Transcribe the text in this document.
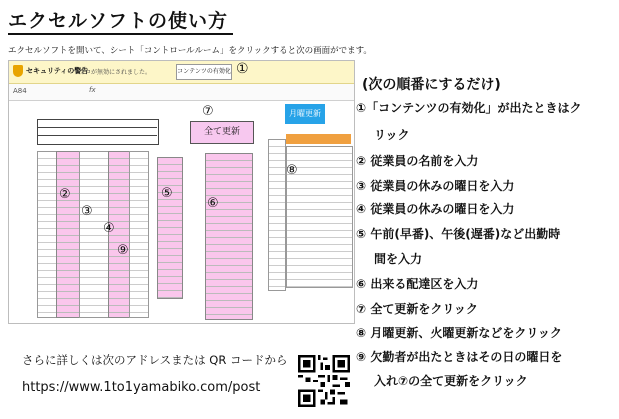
エクセルソフトの使い方
エクセルソフトを開いて、シート「コントロールルーム」をクリックすると次の画面がでます。
セキュリティの警告
マクロが無効にされました。	コンテンツの有効化 ①
A84	fx
⑦
全て更新
②
③
④
⑤
⑥
⑨
月曜更新
⑧
(次の順番にするだけ)
①「コンテンツの有効化」が出たときはク
リック
② 従業員の名前を入力
③ 従業員の休みの曜日を入力
④ 従業員の休みの曜日を入力
⑤ 午前(早番)、午後(遅番)など出勤時
間を入力
⑥ 出来る配達区を入力
⑦ 全て更新をクリック
⑧ 月曜更新、火曜更新などをクリック
⑨ 欠勤者が出たときはその日の曜日を
入れ⑦の全て更新をクリック
さらに詳しくは次のアドレスまたは QR コードから
https://www.1to1yamabiko.com/post
